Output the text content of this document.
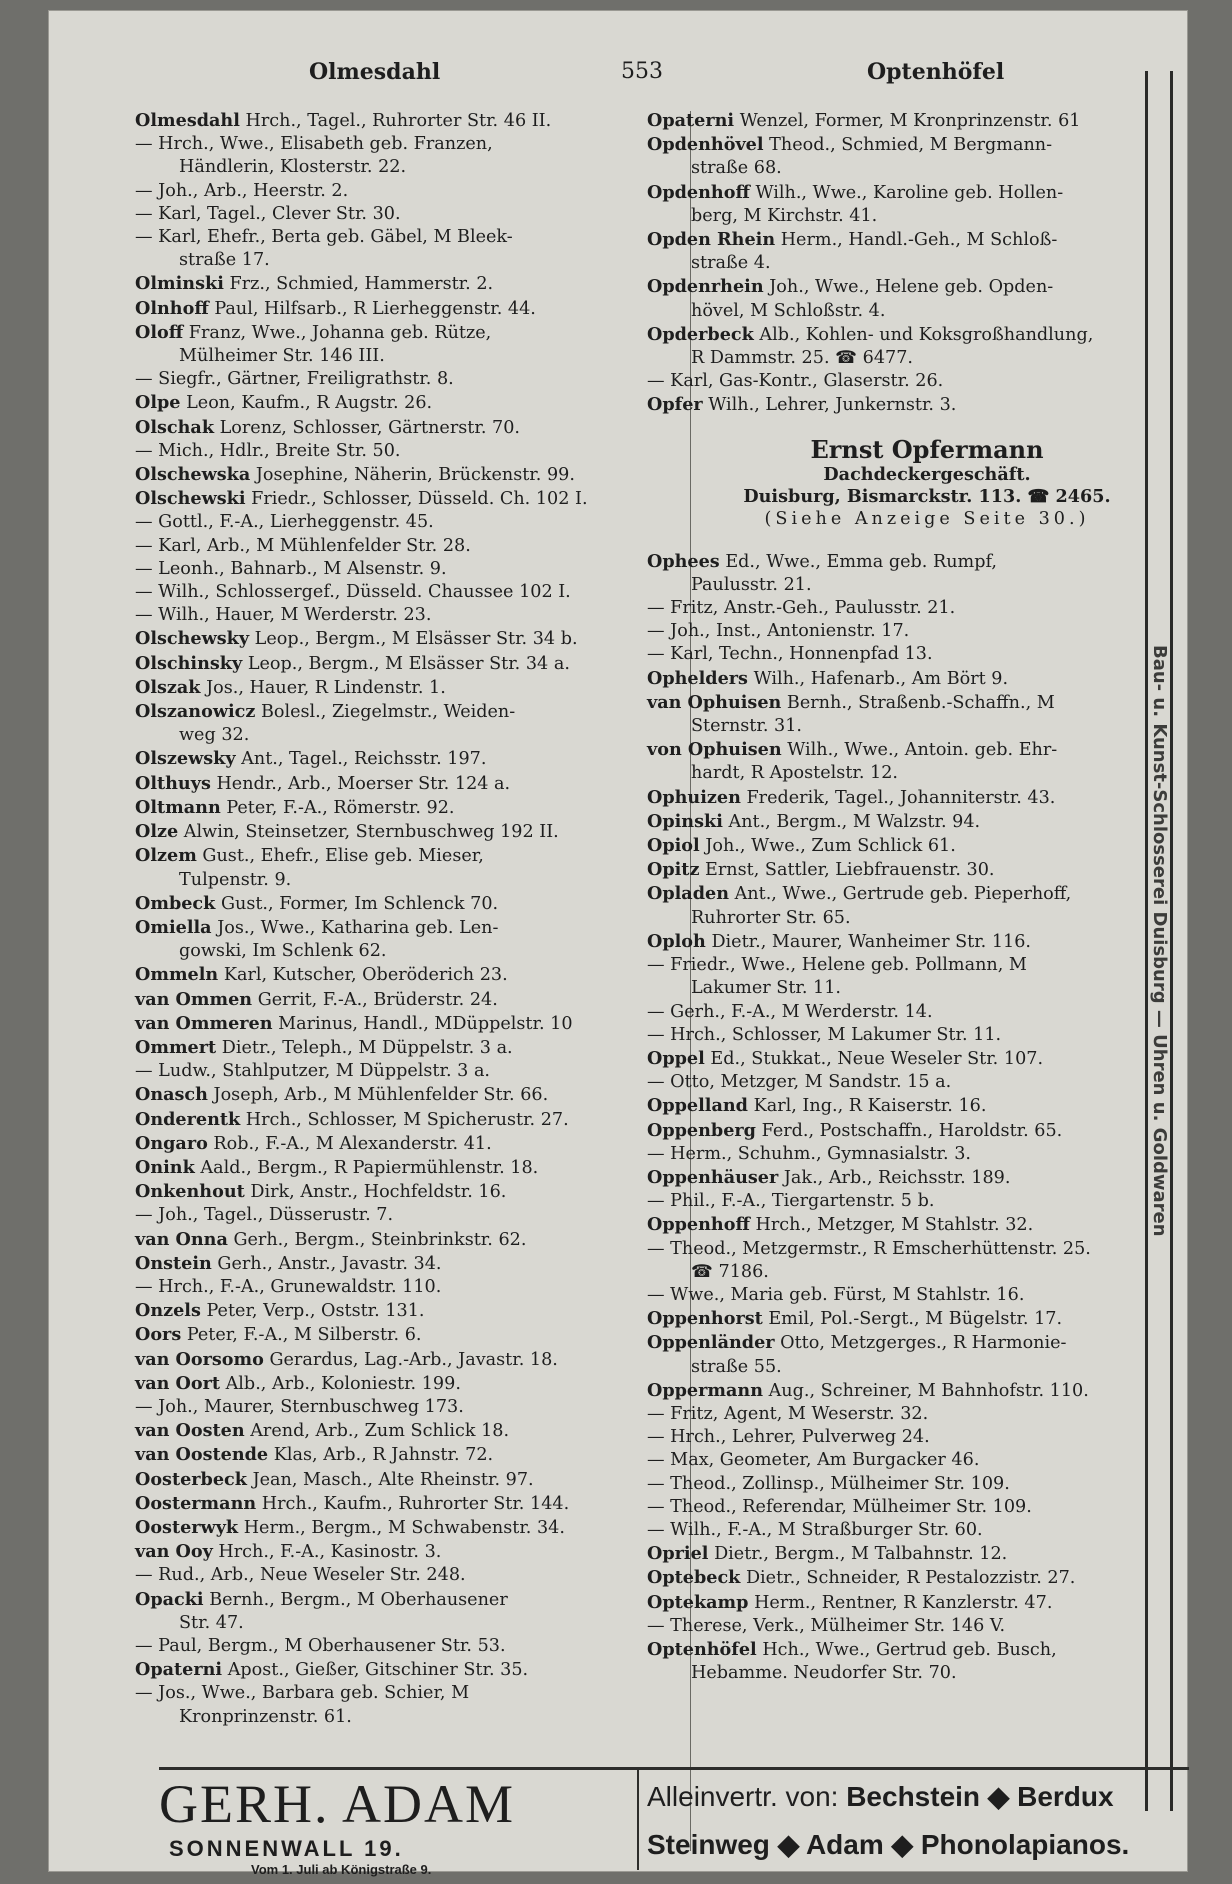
Olmesdahl	553	Optenhöfel
Olmesdahl Hrch., Tagel., Ruhrorter Str. 46 II.
— Hrch., Wwe., Elisabeth geb. Franzen,
Händlerin, Klosterstr. 22.
— Joh., Arb., Heerstr. 2.
— Karl, Tagel., Clever Str. 30.
— Karl, Ehefr., Berta geb. Gäbel, M Bleek-
straße 17.
Olminski Frz., Schmied, Hammerstr. 2.
Olnhoff Paul, Hilfsarb., R Lierheggenstr. 44.
Oloff Franz, Wwe., Johanna geb. Rütze,
Mülheimer Str. 146 III.
— Siegfr., Gärtner, Freiligrathstr. 8.
Olpe Leon, Kaufm., R Augstr. 26.
Olschak Lorenz, Schlosser, Gärtnerstr. 70.
— Mich., Hdlr., Breite Str. 50.
Olschewska Josephine, Näherin, Brückenstr. 99.
Olschewski Friedr., Schlosser, Düsseld. Ch. 102 I.
— Gottl., F.-A., Lierheggenstr. 45.
— Karl, Arb., M Mühlenfelder Str. 28.
— Leonh., Bahnarb., M Alsenstr. 9.
— Wilh., Schlossergef., Düsseld. Chaussee 102 I.
— Wilh., Hauer, M Werderstr. 23.
Olschewsky Leop., Bergm., M Elsässer Str. 34 b.
Olschinsky Leop., Bergm., M Elsässer Str. 34 a.
Olszak Jos., Hauer, R Lindenstr. 1.
Olszanowicz Bolesl., Ziegelmstr., Weiden-
weg 32.
Olszewsky Ant., Tagel., Reichsstr. 197.
Olthuys Hendr., Arb., Moerser Str. 124 a.
Oltmann Peter, F.-A., Römerstr. 92.
Olze Alwin, Steinsetzer, Sternbuschweg 192 II.
Olzem Gust., Ehefr., Elise geb. Mieser,
Tulpenstr. 9.
Ombeck Gust., Former, Im Schlenck 70.
Omiella Jos., Wwe., Katharina geb. Len-
gowski, Im Schlenk 62.
Ommeln Karl, Kutscher, Oberöderich 23.
van Ommen Gerrit, F.-A., Brüderstr. 24.
van Ommeren Marinus, Handl., MDüppelstr. 10
Ommert Dietr., Teleph., M Düppelstr. 3 a.
— Ludw., Stahlputzer, M Düppelstr. 3 a.
Onasch Joseph, Arb., M Mühlenfelder Str. 66.
Onderentk Hrch., Schlosser, M Spicherustr. 27.
Ongaro Rob., F.-A., M Alexanderstr. 41.
Onink Aald., Bergm., R Papiermühlenstr. 18.
Onkenhout Dirk, Anstr., Hochfeldstr. 16.
— Joh., Tagel., Düsserustr. 7.
van Onna Gerh., Bergm., Steinbrinkstr. 62.
Onstein Gerh., Anstr., Javastr. 34.
— Hrch., F.-A., Grunewaldstr. 110.
Onzels Peter, Verp., Oststr. 131.
Oors Peter, F.-A., M Silberstr. 6.
van Oorsomo Gerardus, Lag.-Arb., Javastr. 18.
van Oort Alb., Arb., Koloniestr. 199.
— Joh., Maurer, Sternbuschweg 173.
van Oosten Arend, Arb., Zum Schlick 18.
van Oostende Klas, Arb., R Jahnstr. 72.
Oosterbeck Jean, Masch., Alte Rheinstr. 97.
Oostermann Hrch., Kaufm., Ruhrorter Str. 144.
Oosterwyk Herm., Bergm., M Schwabenstr. 34.
van Ooy Hrch., F.-A., Kasinostr. 3.
— Rud., Arb., Neue Weseler Str. 248.
Opacki Bernh., Bergm., M Oberhausener
Str. 47.
— Paul, Bergm., M Oberhausener Str. 53.
Opaterni Apost., Gießer, Gitschiner Str. 35.
— Jos., Wwe., Barbara geb. Schier, M
Kronprinzenstr. 61.
Opaterni Wenzel, Former, M Kronprinzenstr. 61
Opdenhövel Theod., Schmied, M Bergmann-
straße 68.
Opdenhoff Wilh., Wwe., Karoline geb. Hollen-
berg, M Kirchstr. 41.
Opden Rhein Herm., Handl.-Geh., M Schloß-
straße 4.
Opdenrhein Joh., Wwe., Helene geb. Opden-
hövel, M Schloßstr. 4.
Opderbeck Alb., Kohlen- und Koksgroßhandlung,
R Dammstr. 25. ☎ 6477.
— Karl, Gas-Kontr., Glaserstr. 26.
Opfer Wilh., Lehrer, Junkernstr. 3.
Ernst Opfermann
Dachdeckergeschäft.
Duisburg, Bismarckstr. 113. ☎ 2465.
(Siehe Anzeige Seite 30.)
Ophees Ed., Wwe., Emma geb. Rumpf,
Paulusstr. 21.
— Fritz, Anstr.-Geh., Paulusstr. 21.
— Joh., Inst., Antonienstr. 17.
— Karl, Techn., Honnenpfad 13.
Ophelders Wilh., Hafenarb., Am Bört 9.
van Ophuisen Bernh., Straßenb.-Schaffn., M
Sternstr. 31.
von Ophuisen Wilh., Wwe., Antoin. geb. Ehr-
hardt, R Apostelstr. 12.
Ophuizen Frederik, Tagel., Johanniterstr. 43.
Opinski Ant., Bergm., M Walzstr. 94.
Opiol Joh., Wwe., Zum Schlick 61.
Opitz Ernst, Sattler, Liebfrauenstr. 30.
Opladen Ant., Wwe., Gertrude geb. Pieperhoff,
Ruhrorter Str. 65.
Oploh Dietr., Maurer, Wanheimer Str. 116.
— Friedr., Wwe., Helene geb. Pollmann, M
Lakumer Str. 11.
— Gerh., F.-A., M Werderstr. 14.
— Hrch., Schlosser, M Lakumer Str. 11.
Oppel Ed., Stukkat., Neue Weseler Str. 107.
— Otto, Metzger, M Sandstr. 15 a.
Oppelland Karl, Ing., R Kaiserstr. 16.
Oppenberg Ferd., Postschaffn., Haroldstr. 65.
— Herm., Schuhm., Gymnasialstr. 3.
Oppenhäuser Jak., Arb., Reichsstr. 189.
— Phil., F.-A., Tiergartenstr. 5 b.
Oppenhoff Hrch., Metzger, M Stahlstr. 32.
— Theod., Metzgermstr., R Emscherhüttenstr. 25.
☎ 7186.
— Wwe., Maria geb. Fürst, M Stahlstr. 16.
Oppenhorst Emil, Pol.-Sergt., M Bügelstr. 17.
Oppenländer Otto, Metzgerges., R Harmonie-
straße 55.
Oppermann Aug., Schreiner, M Bahnhofstr. 110.
— Fritz, Agent, M Weserstr. 32.
— Hrch., Lehrer, Pulverweg 24.
— Max, Geometer, Am Burgacker 46.
— Theod., Zollinsp., Mülheimer Str. 109.
— Theod., Referendar, Mülheimer Str. 109.
— Wilh., F.-A., M Straßburger Str. 60.
Opriel Dietr., Bergm., M Talbahnstr. 12.
Optebeck Dietr., Schneider, R Pestalozzistr. 27.
Optekamp Herm., Rentner, R Kanzlerstr. 47.
— Therese, Verk., Mülheimer Str. 146 V.
Optenhöfel Hch., Wwe., Gertrud geb. Busch,
Hebamme. Neudorfer Str. 70.
Bau- u. Kunst-Schlosserei Duisburg — Uhren u. Goldwaren
GERH. ADAM
SONNENWALL 19.
Vom 1. Juli ab Königstraße 9.
Alleinvertr. von: Bechstein ◆ Berdux
Steinweg ◆ Adam ◆ Phonolapianos.
